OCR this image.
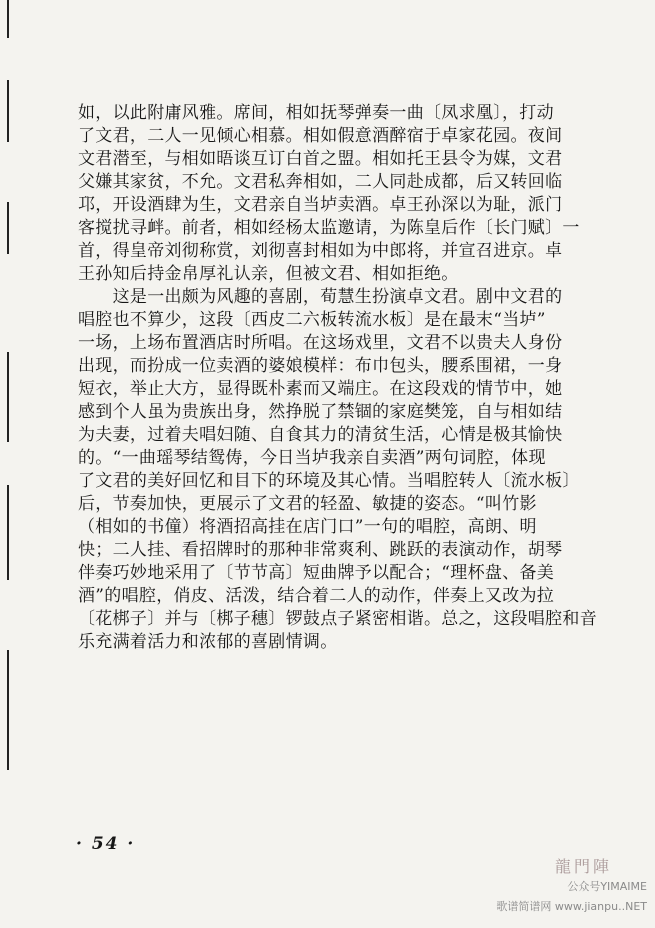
如，以此附庸风雅。席间，相如抚琴弹奏一曲〔凤求凰〕，打动
了文君，二人一见倾心相慕。相如假意酒醉宿于卓家花园。夜间
文君潜至，与相如晤谈互订白首之盟。相如托王县令为媒，文君
父嫌其家贫，不允。文君私奔相如，二人同赴成都，后又转回临
邛，开设酒肆为生，文君亲自当垆卖酒。卓王孙深以为耻，派门
客搅扰寻衅。前者，相如经杨太监邀请，为陈皇后作〔长门赋〕一
首，得皇帝刘彻称赏，刘彻喜封相如为中郎将，并宣召进京。卓
王孙知后持金帛厚礼认亲，但被文君、相如拒绝。
　　这是一出颇为风趣的喜剧，荀慧生扮演卓文君。剧中文君的
唱腔也不算少，这段〔西皮二六板转流水板〕是在最末“当垆”
一场，上场布置酒店时所唱。在这场戏里，文君不以贵夫人身份
出现，而扮成一位卖酒的婆娘模样：布巾包头，腰系围裙，一身
短衣，举止大方，显得既朴素而又端庄。在这段戏的情节中，她
感到个人虽为贵族出身，然挣脱了禁锢的家庭樊笼，自与相如结
为夫妻，过着夫唱妇随、自食其力的清贫生活，心情是极其愉快
的。“一曲瑶琴结鸳俦，今日当垆我亲自卖酒”两句词腔，体现
了文君的美好回忆和目下的环境及其心情。当唱腔转人〔流水板〕
后，节奏加快，更展示了文君的轻盈、敏捷的姿态。“叫竹影
（相如的书僮）将酒招高挂在店门口”一句的唱腔，高朗、明
快；二人挂、看招牌时的那种非常爽利、跳跃的表演动作，胡琴
伴奏巧妙地采用了〔节节高〕短曲牌予以配合；“理杯盘、备美
酒”的唱腔，俏皮、活泼，结合着二人的动作，伴奏上又改为拉
〔花梆子〕并与〔梆子穗〕锣鼓点子紧密相谐。总之，这段唱腔和音
乐充满着活力和浓郁的喜剧情调。
· 54 ·
龍門陣
公众号YIMAIME
歌谱简谱网 www.jianpu..NET
